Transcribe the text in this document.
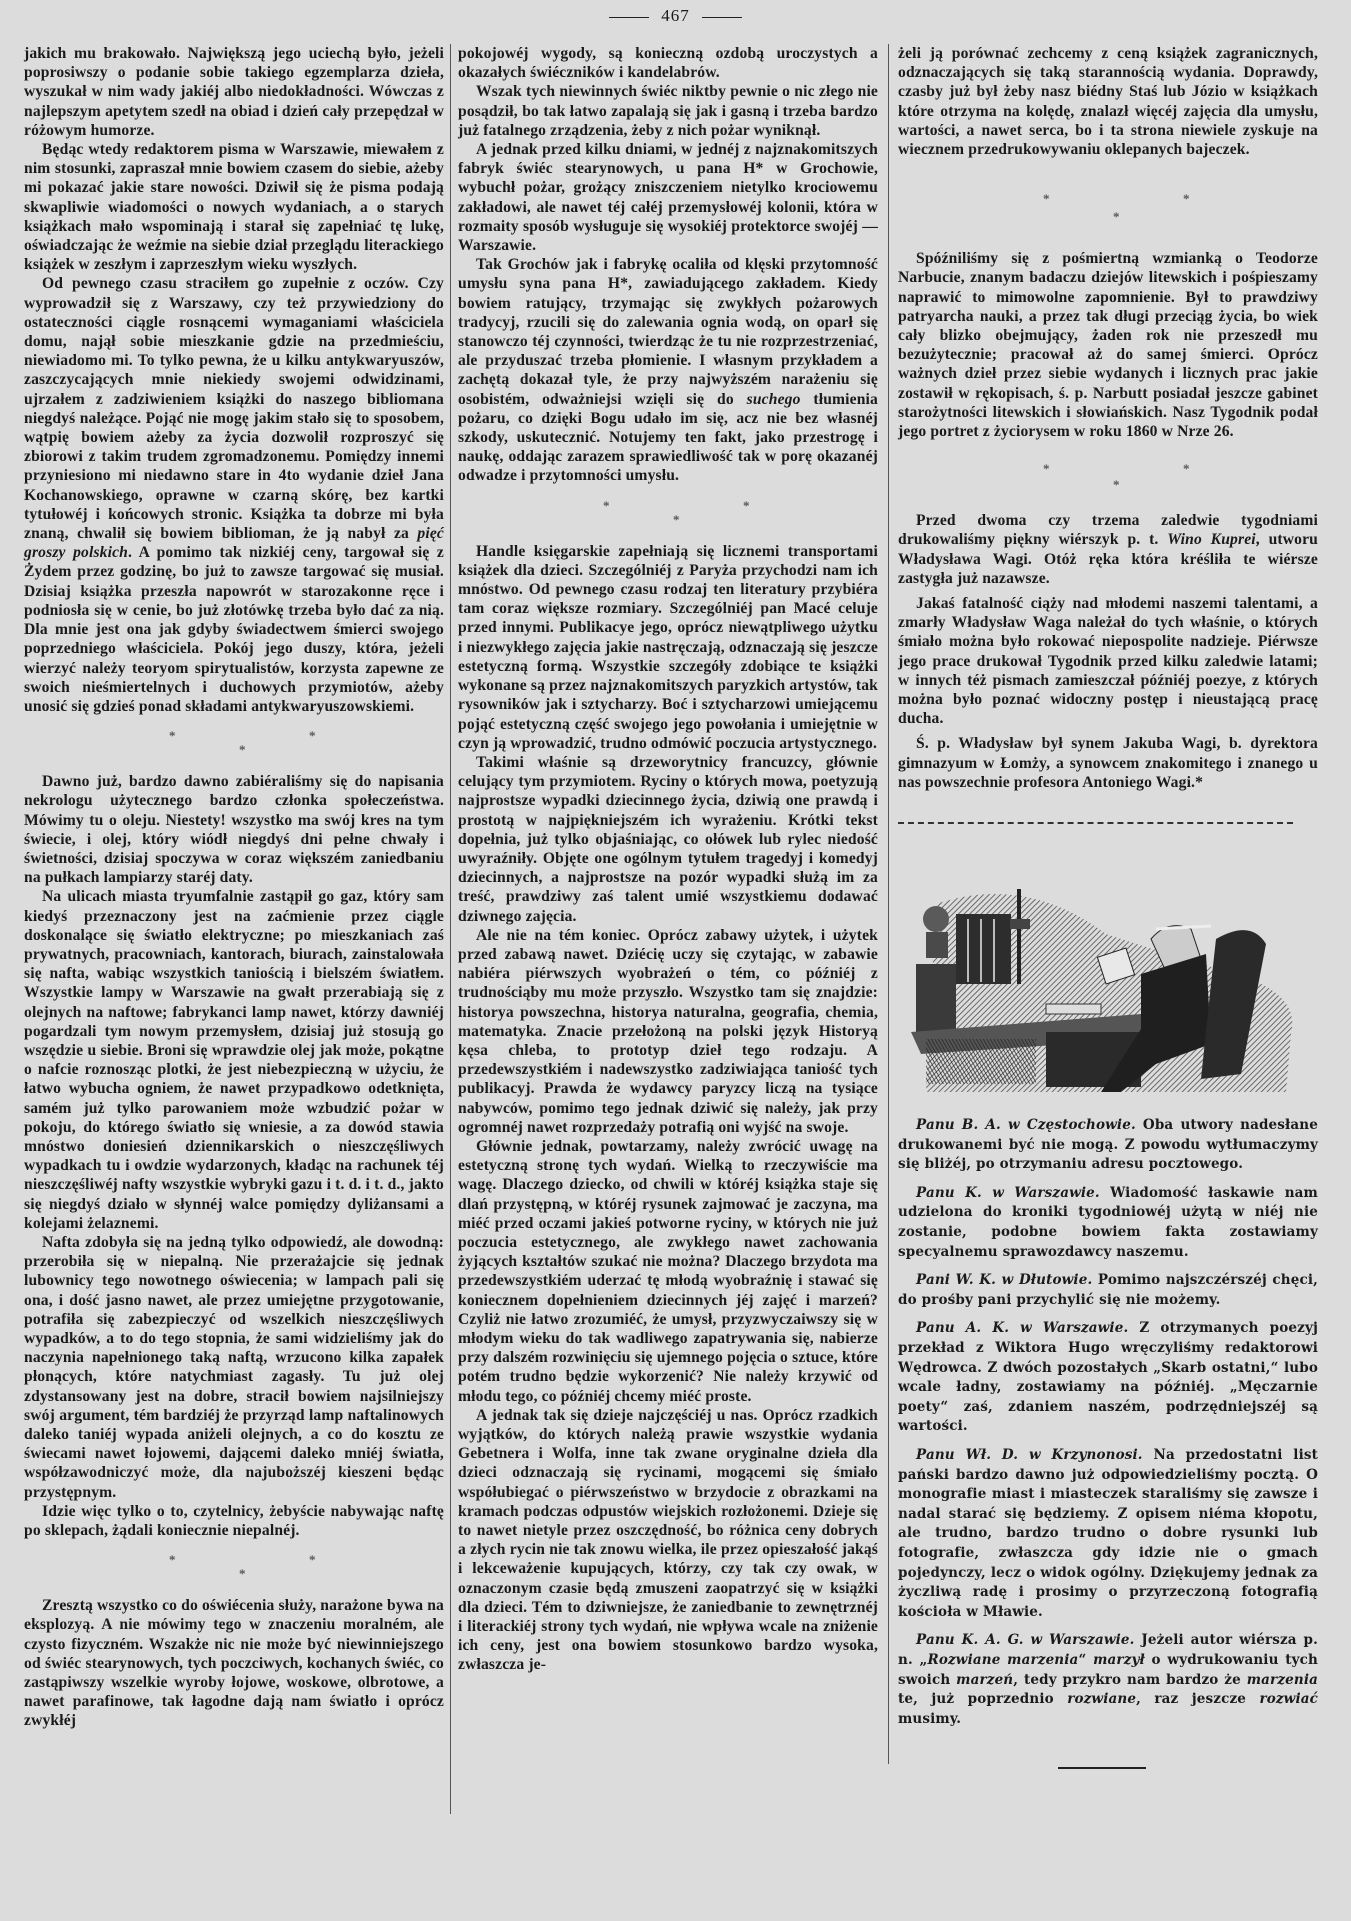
467

jakich mu brakowało. Największą jego uciechą było, jeżeli poprosiwszy o podanie sobie takiego egzemplarza dzieła, wyszukał w nim wady jakiéj albo niedokładności. Wówczas z najlepszym apetytem szedł na obiad i dzień cały przepędzał w różowym humorze.

Będąc wtedy redaktorem pisma w Warszawie, miewałem z nim stosunki, zapraszał mnie bowiem czasem do siebie, ażeby mi pokazać jakie stare nowości. Dziwił się że pisma podają skwapliwie wiadomości o nowych wydaniach, a o starych książkach mało wspominają i starał się zapełniać tę lukę, oświadczając że weźmie na siebie dział przeglądu literackiego książek w zeszłym i zaprzeszłym wieku wyszłych.

Od pewnego czasu straciłem go zupełnie z oczów. Czy wyprowadził się z Warszawy, czy też przywiedziony do ostateczności ciągle rosnącemi wymaganiami właściciela domu, najął sobie mieszkanie gdzie na przedmieściu, niewiadomo mi. To tylko pewna, że u kilku antykwaryuszów, zaszczycających mnie niekiedy swojemi odwidzinami, ujrzałem z zadziwieniem książki do naszego bibliomana niegdyś należące. Pojąć nie mogę jakim stało się to sposobem, wątpię bowiem ażeby za życia dozwolił rozproszyć się zbiorowi z takim trudem zgromadzonemu. Pomiędzy innemi przyniesiono mi niedawno stare in 4to wydanie dzieł Jana Kochanowskiego, oprawne w czarną skórę, bez kartki tytułowéj i końcowych stronic. Książka ta dobrze mi była znaną, chwalił się bowiem biblioman, że ją nabył za pięć groszy polskich. A pomimo tak nizkiéj ceny, targował się z Żydem przez godzinę, bo już to zawsze targować się musiał. Dzisiaj książka przeszła napowrót w starozakonne ręce i podniosła się w cenie, bo już złotówkę trzeba było dać za nią. Dla mnie jest ona jak gdyby świadectwem śmierci swojego poprzedniego właściciela. Pokój jego duszy, która, jeżeli wierzyć należy teoryom spirytualistów, korzysta zapewne ze swoich nieśmiertelnych i duchowych przymiotów, ażeby unosić się gdzieś ponad składami antykwaryuszowskiemi.

*	*
*

Dawno już, bardzo dawno zabiéraliśmy się do napisania nekrologu użytecznego bardzo członka społeczeństwa. Mówimy tu o oleju. Niestety! wszystko ma swój kres na tym świecie, i olej, który wiódł niegdyś dni pełne chwały i świetności, dzisiaj spoczywa w coraz większém zaniedbaniu na pułkach lampiarzy staréj daty.

Na ulicach miasta tryumfalnie zastąpił go gaz, który sam kiedyś przeznaczony jest na zaćmienie przez ciągle doskonalące się światło elektryczne; po mieszkaniach zaś prywatnych, pracowniach, kantorach, biurach, zainstalowała się nafta, wabiąc wszystkich taniością i bielszém światłem. Wszystkie lampy w Warszawie na gwałt przerabiają się z olejnych na naftowe; fabrykanci lamp nawet, którzy dawniéj pogardzali tym nowym przemysłem, dzisiaj już stosują go wszędzie u siebie. Broni się wprawdzie olej jak może, pokątne o nafcie roznosząc plotki, że jest niebezpieczną w użyciu, że łatwo wybucha ogniem, że nawet przypadkowo odetknięta, samém już tylko parowaniem może wzbudzić pożar w pokoju, do którego światło się wniesie, a za dowód stawia mnóstwo doniesień dziennikarskich o nieszczęśliwych wypadkach tu i owdzie wydarzonych, kładąc na rachunek téj nieszczęśliwéj nafty wszystkie wybryki gazu i t. d. i t. d., jakto się niegdyś działo w słynnéj walce pomiędzy dyliżansami a kolejami żelaznemi.

Nafta zdobyła się na jedną tylko odpowiedź, ale dowodną: przerobiła się w niepalną. Nie przerażajcie się jednak lubownicy tego nowotnego oświecenia; w lampach pali się ona, i dość jasno nawet, ale przez umiejętne przygotowanie, potrafiła się zabezpieczyć od wszelkich nieszczęśliwych wypadków, a to do tego stopnia, że sami widzieliśmy jak do naczynia napełnionego taką naftą, wrzucono kilka zapałek płonących, które natychmiast zagasły. Tu już olej zdystansowany jest na dobre, stracił bowiem najsilniejszy swój argument, tém bardziéj że przyrząd lamp naftalinowych daleko taniéj wypada aniżeli olejnych, a co do kosztu ze świecami nawet łojowemi, dającemi daleko mniéj światła, współzawodniczyć może, dla najuboższéj kieszeni będąc przystępnym.

Idzie więc tylko o to, czytelnicy, żebyście nabywając naftę po sklepach, żądali koniecznie niepalnéj.

*	*
*

Zresztą wszystko co do oświécenia służy, narażone bywa na eksplozyą. A nie mówimy tego w znaczeniu moralném, ale czysto fizyczném. Wszakże nic nie może być niewinniejszego od świéc stearynowych, tych poczciwych, kochanych świéc, co zastąpiwszy wszelkie wyroby łojowe, woskowe, olbrotowe, a nawet parafinowe, tak łagodne dają nam światło i oprócz zwykłéj

pokojowéj wygody, są konieczną ozdobą uroczystych a okazałych świéczników i kandelabrów.

Wszak tych niewinnych świéc niktby pewnie o nic złego nie posądził, bo tak łatwo zapalają się jak i gasną i trzeba bardzo już fatalnego zrządzenia, żeby z nich pożar wyniknął.

A jednak przed kilku dniami, w jednéj z najznakomitszych fabryk świéc stearynowych, u pana H* w Grochowie, wybuchł pożar, grożący zniszczeniem nietylko krociowemu zakładowi, ale nawet téj całéj przemysłowéj kolonii, która w rozmaity sposób wysługuje się wysokiéj protektorce swojéj — Warszawie.

Tak Grochów jak i fabrykę ocaliła od klęski przytomność umysłu syna pana H*, zawiadującego zakładem. Kiedy bowiem ratujący, trzymając się zwykłych pożarowych tradycyj, rzucili się do zalewania ognia wodą, on oparł się stanowczo téj czynności, twierdząc że tu nie rozprzestrzeniać, ale przyduszać trzeba płomienie. I własnym przykładem a zachętą dokazał tyle, że przy najwyższém narażeniu się osobistém, odważniejsi wzięli się do suchego tłumienia pożaru, co dzięki Bogu udało im się, acz nie bez własnéj szkody, uskutecznić. Notujemy ten fakt, jako przestrogę i naukę, oddając zarazem sprawiedliwość tak w porę okazanéj odwadze i przytomności umysłu.

*	*
*

Handle księgarskie zapełniają się licznemi transportami książek dla dzieci. Szczególniéj z Paryża przychodzi nam ich mnóstwo. Od pewnego czasu rodzaj ten literatury przybiéra tam coraz większe rozmiary. Szczególniéj pan Macé celuje przed innymi. Publikacye jego, oprócz niewątpliwego użytku i niezwykłego zajęcia jakie nastręczają, odznaczają się jeszcze estetyczną formą. Wszystkie szczegóły zdobiące te książki wykonane są przez najznakomitszych paryzkich artystów, tak rysowników jak i sztycharzy. Boć i sztycharzowi umiejącemu pojąć estetyczną część swojego jego powołania i umiejętnie w czyn ją wprowadzić, trudno odmówić poczucia artystycznego.

Takimi właśnie są drzeworytnicy francuzcy, głównie celujący tym przymiotem. Ryciny o których mowa, poetyzują najprostsze wypadki dziecinnego życia, dziwią one prawdą i prostotą w najpiękniejszém ich wyrażeniu. Krótki tekst dopełnia, już tylko objaśniając, co ołówek lub rylec niedość uwyraźniły. Objęte one ogólnym tytułem tragedyj i komedyj dziecinnych, a najprostsze na pozór wypadki służą im za treść, prawdziwy zaś talent umié wszystkiemu dodawać dziwnego zajęcia.

Ale nie na tém koniec. Oprócz zabawy użytek, i użytek przed zabawą nawet. Dziécię uczy się czytając, w zabawie nabiéra piérwszych wyobrażeń o tém, co późniéj z trudnościąby mu może przyszło. Wszystko tam się znajdzie: historya powszechna, historya naturalna, geografia, chemia, matematyka. Znacie przełożoną na polski język Historyą kęsa chleba, to prototyp dzieł tego rodzaju. A przedewszystkiém i nadewszystko zadziwiająca taniość tych publikacyj. Prawda że wydawcy paryzcy liczą na tysiące nabywców, pomimo tego jednak dziwić się należy, jak przy ogromnéj nawet rozprzedaży potrafią oni wyjść na swoje.

Głównie jednak, powtarzamy, należy zwrócić uwagę na estetyczną stronę tych wydań. Wielką to rzeczywiście ma wagę. Dlaczego dziecko, od chwili w któréj książka staje się dlań przystępną, w któréj rysunek zajmować je zaczyna, ma miéć przed oczami jakieś potworne ryciny, w których nie już poczucia estetycznego, ale zwykłego nawet zachowania żyjących kształtów szukać nie można? Dlaczego brzydota ma przedewszystkiém uderzać tę młodą wyobraźnię i stawać się koniecznem dopełnieniem dziecinnych jéj zajęć i marzeń? Czyliż nie łatwo zrozumiéć, że umysł, przyzwyczaiwszy się w młodym wieku do tak wadliwego zapatrywania się, nabierze przy dalszém rozwinięciu się ujemnego pojęcia o sztuce, które potém trudno będzie wykorzenić? Nie należy krzywić od młodu tego, co późniéj chcemy miéć proste.

A jednak tak się dzieje najczęściéj u nas. Oprócz rzadkich wyjątków, do których należą prawie wszystkie wydania Gebetnera i Wolfa, inne tak zwane oryginalne dzieła dla dzieci odznaczają się rycinami, mogącemi się śmiało współubiegać o piérwszeństwo w brzydocie z obrazkami na kramach podczas odpustów wiejskich rozłożonemi. Dzieje się to nawet nietyle przez oszczędność, bo różnica ceny dobrych a złych rycin nie tak znowu wielka, ile przez opieszałość jakąś i lekceważenie kupujących, którzy, czy tak czy owak, w oznaczonym czasie będą zmuszeni zaopatrzyć się w książki dla dzieci. Tém to dziwniejsze, że zaniedbanie to zewnętrznéj i literackiéj strony tych wydań, nie wpływa wcale na zniżenie ich ceny, jest ona bowiem stosunkowo bardzo wysoka, zwłaszcza je-

żeli ją porównać zechcemy z ceną książek zagranicznych, odznaczających się taką starannością wydania. Doprawdy, czasby już był żeby nasz biédny Staś lub Józio w książkach które otrzyma na kolędę, znalazł więcéj zajęcia dla umysłu, wartości, a nawet serca, bo i ta strona niewiele zyskuje na wiecznem przedrukowywaniu oklepanych bajeczek.

*	*
*

Spóźniliśmy się z pośmiertną wzmianką o Teodorze Narbucie, znanym badaczu dziejów litewskich i pośpieszamy naprawić to mimowolne zapomnienie. Był to prawdziwy patryarcha nauki, a przez tak długi przeciąg życia, bo wiek cały blizko obejmujący, żaden rok nie przeszedł mu bezużytecznie; pracował aż do samej śmierci. Oprócz ważnych dzieł przez siebie wydanych i licznych prac jakie zostawił w rękopisach, ś. p. Narbutt posiadał jeszcze gabinet starożytności litewskich i słowiańskich. Nasz Tygodnik podał jego portret z życiorysem w roku 1860 w Nrze 26.

*	*
*

Przed dwoma czy trzema zaledwie tygodniami drukowaliśmy piękny wiérszyk p. t. Wino Kuprei, utworu Władysława Wagi. Otóż ręka która kréśliła te wiérsze zastygła już nazawsze.

Jakaś fatalność ciąży nad młodemi naszemi talentami, a zmarły Władysław Waga należał do tych właśnie, o których śmiało można było rokować niepospolite nadzieje. Piérwsze jego prace drukował Tygodnik przed kilku zaledwie latami; w innych téż pismach zamieszczał późniéj poezye, z których można było poznać widoczny postęp i nieustającą pracę ducha.

Ś. p. Władysław był synem Jakuba Wagi, b. dyrektora gimnazyum w Łomży, a synowcem znakomitego i znanego u nas powszechnie profesora Antoniego Wagi.*

Panu B. A. w Częstochowie. Oba utwory nadesłane drukowanemi być nie mogą. Z powodu wytłumaczymy się bliżéj, po otrzymaniu adresu pocztowego.

Panu K. w Warszawie. Wiadomość łaskawie nam udzielona do kroniki tygodniowéj użytą w niéj nie zostanie, podobne bowiem fakta zostawiamy specyalnemu sprawozdawcy naszemu.

Pani W. K. w Dłutowie. Pomimo najszczérszéj chęci, do prośby pani przychylić się nie możemy.

Panu A. K. w Warszawie. Z otrzymanych poezyj przekład z Wiktora Hugo wręczyliśmy redaktorowi Wędrowca. Z dwóch pozostałych „Skarb ostatni,“ lubo wcale ładny, zostawiamy na późniéj. „Męczarnie poety“ zaś, zdaniem naszém, podrzędniejszéj są wartości.

Panu Wł. D. w Krzynonosi. Na przedostatni list pański bardzo dawno już odpowiedzieliśmy pocztą. O monografie miast i miasteczek staraliśmy się zawsze i nadal starać się będziemy. Z opisem niéma kłopotu, ale trudno, bardzo trudno o dobre rysunki lub fotografie, zwłaszcza gdy idzie nie o gmach pojedynczy, lecz o widok ogólny. Dziękujemy jednak za życzliwą radę i prosimy o przyrzeczoną fotografią kościoła w Mławie.

Panu K. A. G. w Warszawie. Jeżeli autor wiérsza p. n. „Rozwiane marzenia“ marzył o wydrukowaniu tych swoich marzeń, tedy przykro nam bardzo że marzenia te, już poprzednio rozwiane, raz jeszcze rozwiać musimy.
